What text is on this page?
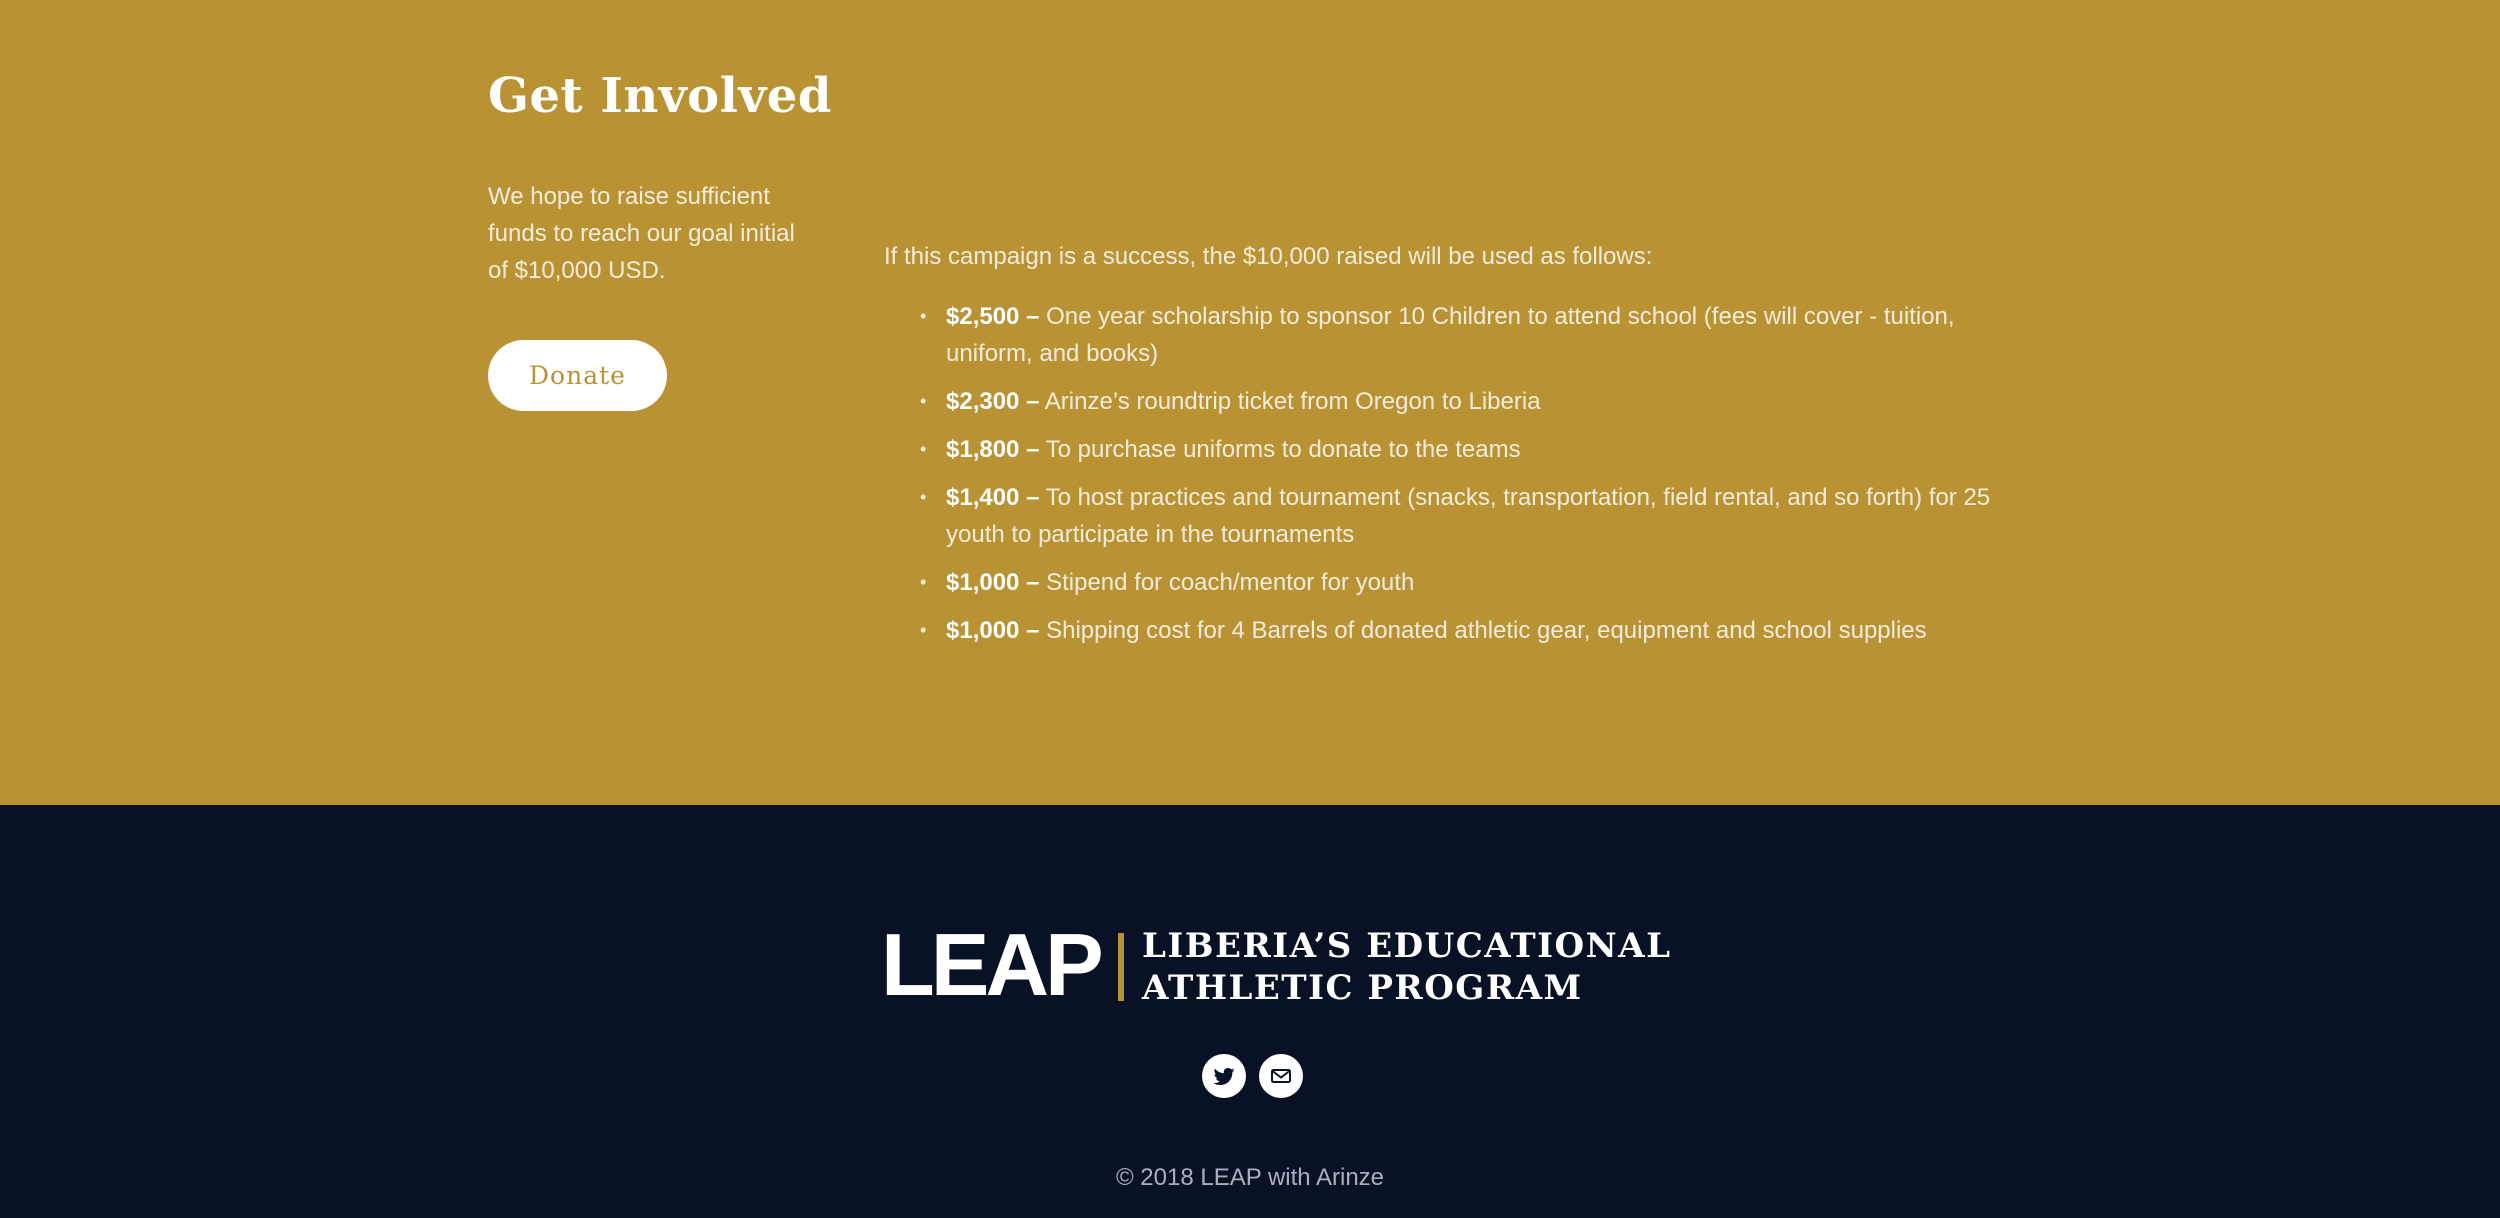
Get Involved

We hope to raise sufficient funds to reach our goal initial of $10,000 USD.

Donate

If this campaign is a success, the $10,000 raised will be used as follows:

• $2,500 – One year scholarship to sponsor 10 Children to attend school (fees will cover - tuition, uniform, and books)
• $2,300 – Arinze’s roundtrip ticket from Oregon to Liberia
• $1,800 – To purchase uniforms to donate to the teams
• $1,400 – To host practices and tournament (snacks, transportation, field rental, and so forth) for 25 youth to participate in the tournaments
• $1,000 – Stipend for coach/mentor for youth
• $1,000 – Shipping cost for 4 Barrels of donated athletic gear, equipment and school supplies

LEAP LIBERIA’S EDUCATIONAL
ATHLETIC PROGRAM

© 2018 LEAP with Arinze
